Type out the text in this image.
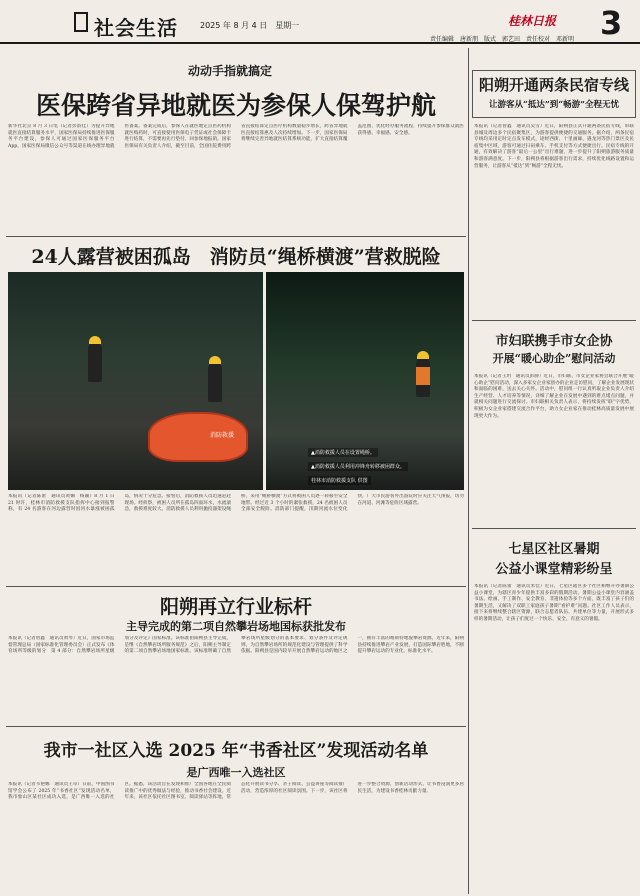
社会生活	2025 年 8 月 4 日　星期一	桂林日报 3
责任编辑　唐新朋　版式　郭艺田　责任校对　邓新明
动动手指就搞定
医保跨省异地就医为参保人保驾护航
新华社北京 8 月 3 日电（记者彭韵佳）为提升异地就医直接结算服务水平，国家医保局持续推进医保服务平台建设，参保人可通过国家医保服务平台 App、国家医保局微信公众号等渠道在线办理异地就医备案。备案完成后，参保人在就医地定点医药机构就医购药时，可直接使用医保电子凭证或社会保障卡进行结算，不需要再先行垫付、回参保地报销。国家医保局有关负责人介绍，截至目前，全国住院费用跨省直接结算定点医疗机构数量稳步增长，跨省异地就医直接结算惠及人次持续增加。下一步，国家医保局将继续完善异地就医结算系统功能，扩大直接结算覆盖范围，优化经办服务流程，持续提升参保群众就医获得感、幸福感、安全感。
24人露营被困孤岛　消防员“绳桥横渡”营救脱险
消防救援
▲消防救援人员在设置绳桥。
▲消防救援人员利用冲锋舟转移被困群众。
桂林市消防救援支队 供图
本报讯（记者陈蕾　通讯员黄姗　杨颖）8 月 1 日 21 时许，桂林市消防救援支队指挥中心接到报警称，有 24 名游客在河边露营时因河水暴涨被困孤岛，情况十分危急。接警后，消防救援人员迅速赶赴现场。经侦察，被困人员所在孤岛四面环水，水流湍急，救援难度较大。消防救援人员利用抛投器架设绳桥，采用“绳桥横渡”方式将被困人员逐一转移至安全地带。经过近 3 个小时的紧张救援，24 名被困人员全部安全脱险。消防部门提醒，汛期河流水位变化快，广大市民游客外出游玩时应关注天气预报，切勿在河道、河滩等危险区域露营。
阳朔再立行业标杆
主导完成的第二项自然攀岩场地国标获批发布
本报讯（记者曾鑫　通讯员黄琴）近日，国家市场监督管理总局（国家标准化管理委员会）正式发布《体育场所等级的划分　第 4 部分：自然攀岩场所星级划分及评定》国家标准。该标准由阳朔县主导完成，是继《自然攀岩场所服务规范》之后，阳朔主导制定的第二项自然攀岩场地国家标准。该标准明确了自然攀岩场所星级划分的基本要求、划分条件及评定规则，为自然攀岩场所的规范化建设与管理提供了科学依据。阳朔县是国内较早开展自然攀岩运动的地区之一，拥有丰富的喀斯特地貌攀岩资源。近年来，阳朔县持续推进攀岩产业发展，打造国际攀岩胜地，不断提升攀岩运动的专业化、标准化水平。
我市一社区入选 2025 年“书香社区”发现活动名单
是广西唯一入选社区
本报讯（记者韦艳娜　通讯员王卓）日前，中国图书馆学会公布了 2025 年“书香社区”发现活动名单，我市象山区某社区成功入选，是广西唯一入选的社区。据悉，该活动旨在发现和推广全国各地在全民阅读推广中的优秀做法与经验，推动书香社会建设。近年来，该社区依托社区图书室、阅读驿站等阵地，常态化开展读书分享、亲子阅读、公益讲座等阅读推广活动，营造浓厚的社区阅读氛围。下一步，该社区将进一步整合资源，创新活动形式，让书香浸润更多居民生活，为建设书香桂林贡献力量。
阳朔开通两条民宿专线
让游客从“抵达”到“畅游”全程无忧
本报讯（记者曾鑫　通讯员吴雪）近日，阳朔县正式开通两条民宿专线，串联县城及周边多个民宿聚集区，为游客提供便捷的交通服务。据介绍，两条民宿专线均采用定时定点发车模式，途经西街、十里画廊、遇龙河等热门景区及民宿集中区域，游客可通过扫码乘车、手机支付等方式便捷出行。民宿专线的开通，有效解决了游客“最后一公里”出行难题，进一步提升了阳朔旅游服务质量和游客满意度。下一步，阳朔县将根据游客出行需求，持续优化线路设置和运营服务，让游客从“抵达”到“畅游”全程无忧。
市妇联携手市女企协
开展“暖心助企”慰问活动
本报讯（记者王玥　通讯员彭静）近日，市妇联、市女企业家协会联合开展“暖心助企”慰问活动，深入多家女企业家创办的企业走访慰问，了解企业发展现状和面临的困难，送去关心关怀。活动中，慰问组一行认真听取企业负责人介绍生产经营、人才培养等情况，详细了解企业在发展中遇到的难点堵点问题，并就相关问题进行交流探讨。市妇联相关负责人表示，将持续发挥“联”字优势，积极为女企业家搭建交流合作平台，助力女企业家在推动桂林高质量发展中展现更大作为。
七星区社区暑期
公益小课堂精彩纷呈
本报讯（记者陈蕾　通讯员米佳）近日，七星区辖区多个社区相继开办暑期公益小课堂，为辖区青少年提供丰富多彩的假期活动。暑期公益小课堂内容涵盖书法、绘画、手工制作、安全教育、非遗体验等多个方面，既丰富了孩子们的暑期生活，又解决了双职工家庭孩子暑期“看护难”问题。社区工作人员表示，接下来将继续整合辖区资源，联合志愿者队伍、共建单位等力量，开展形式多样的暑期活动，让孩子们度过一个快乐、安全、有意义的暑假。
